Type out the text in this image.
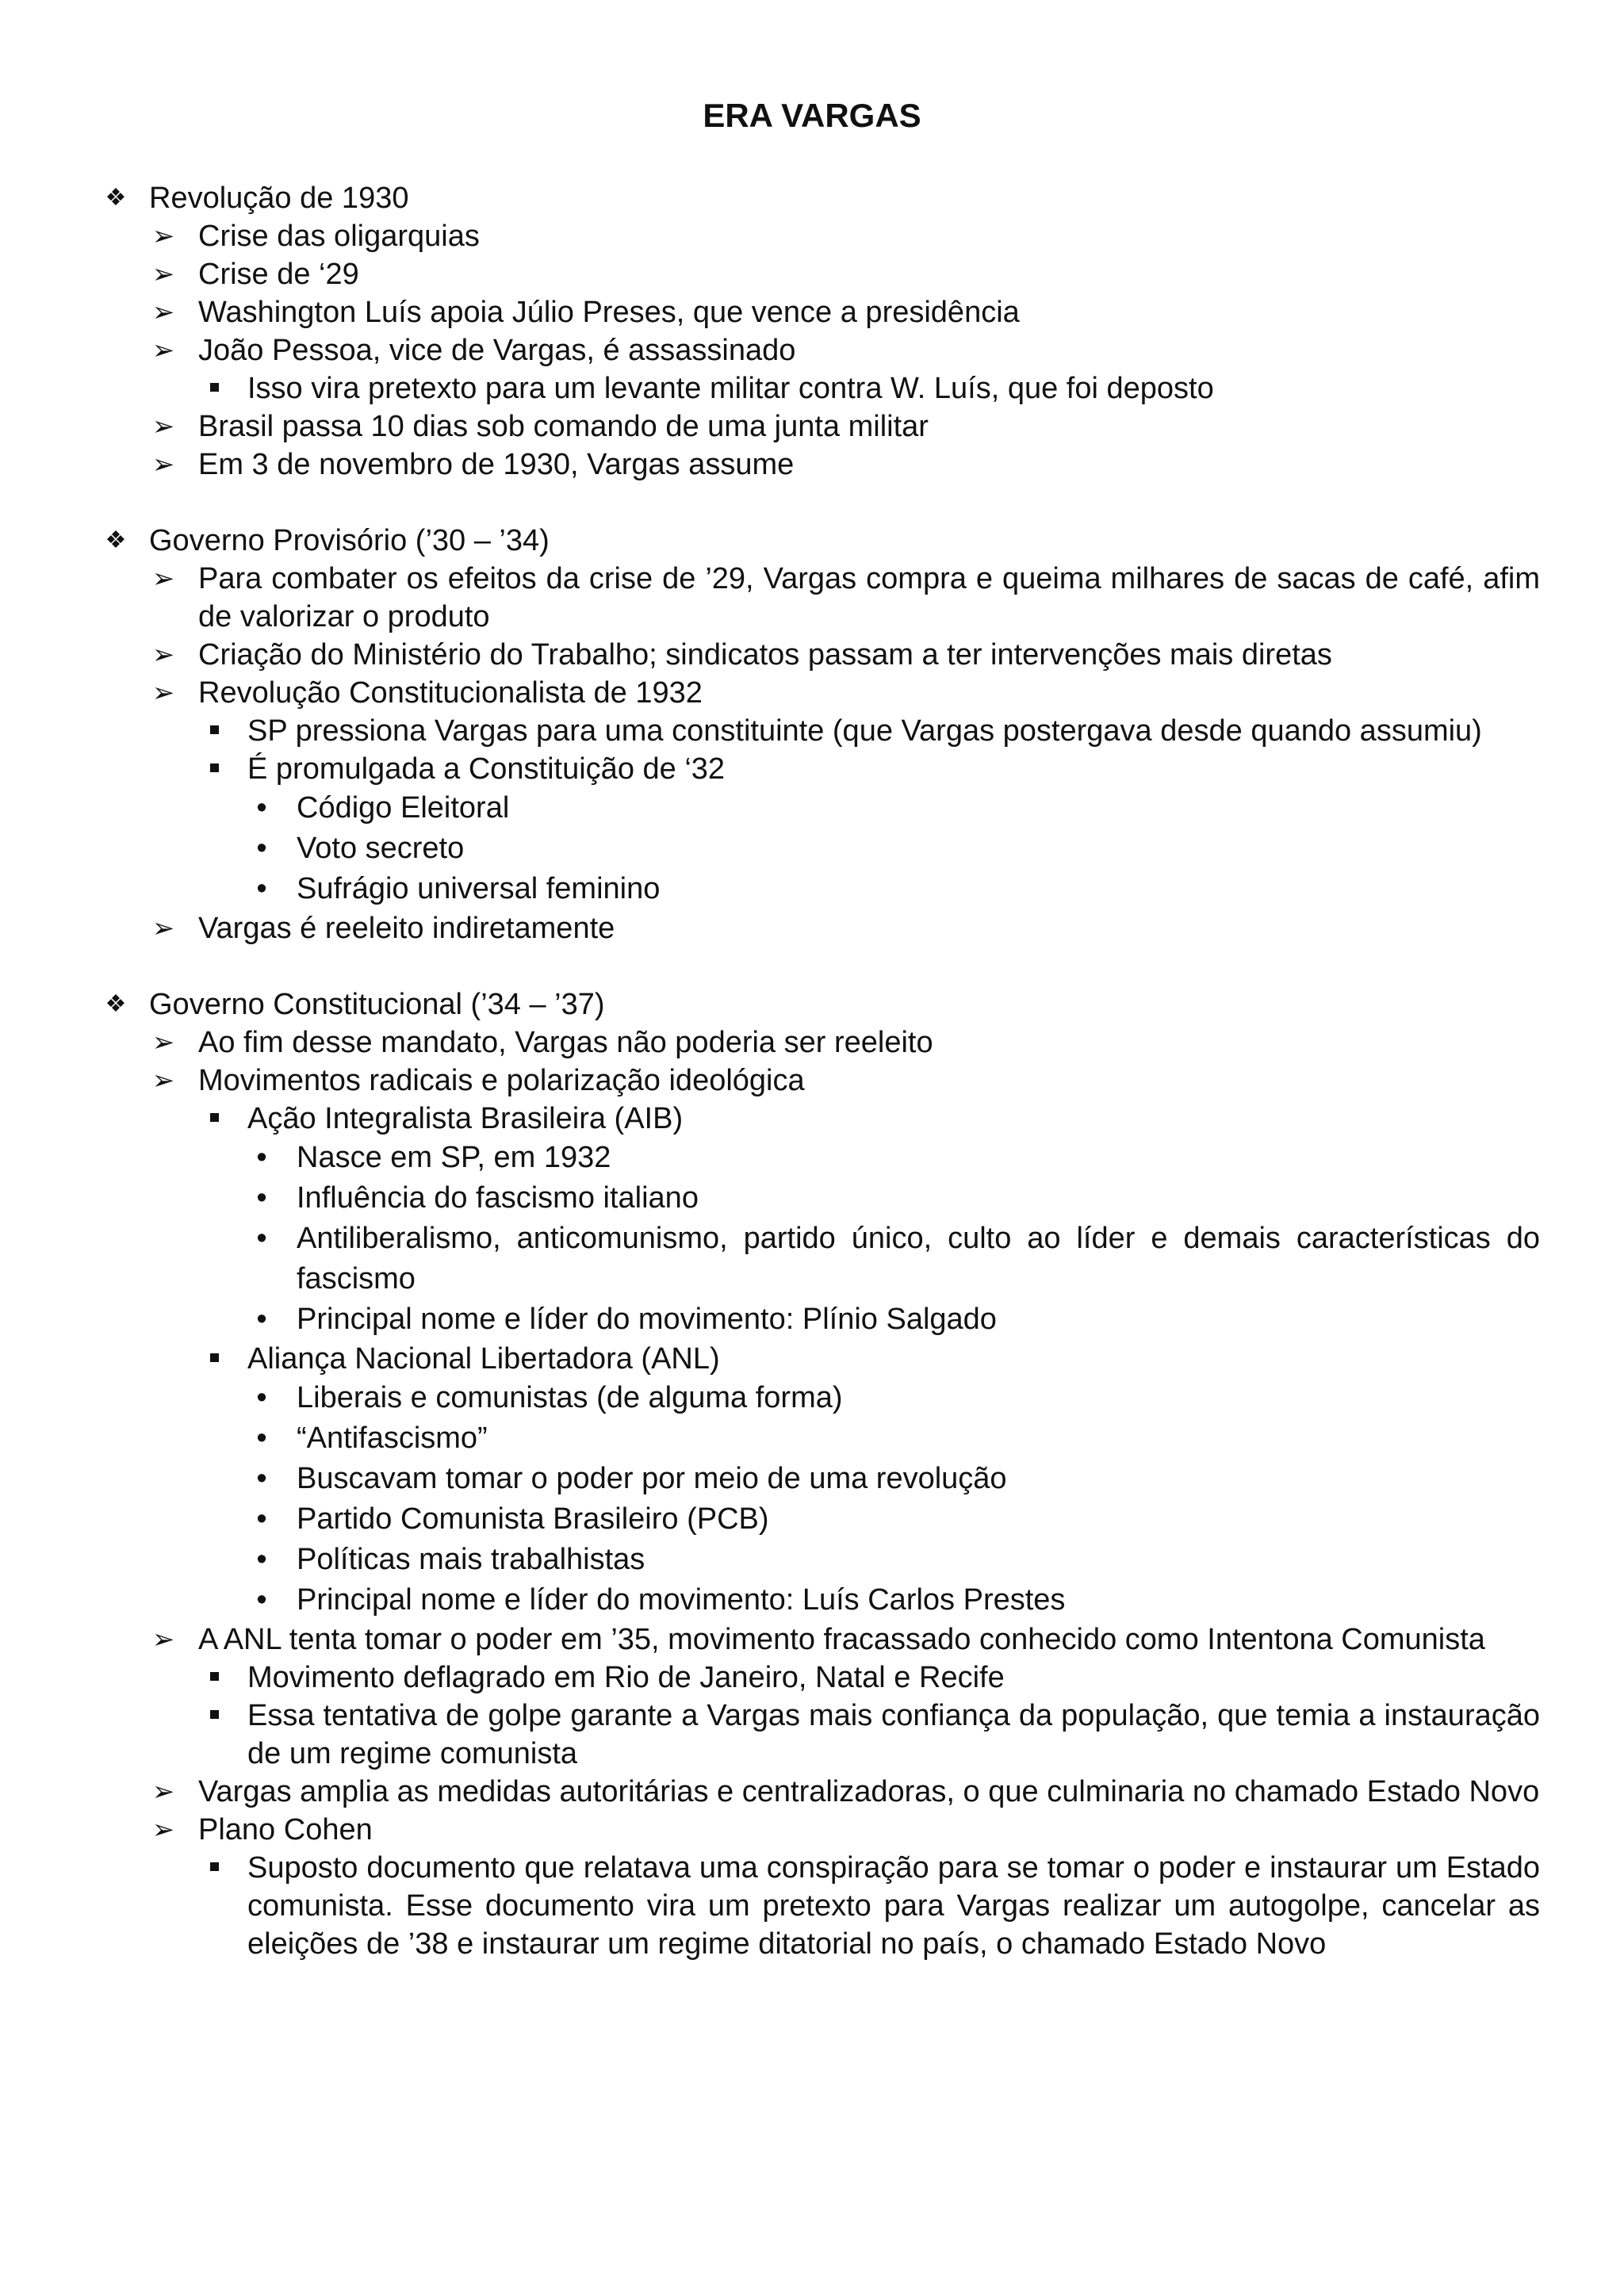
ERA VARGAS
❖ Revolução de 1930
➢ Crise das oligarquias
➢ Crise de ‘29
➢ Washington Luís apoia Júlio Preses, que vence a presidência
➢ João Pessoa, vice de Vargas, é assassinado
Isso vira pretexto para um levante militar contra W. Luís, que foi deposto
➢ Brasil passa 10 dias sob comando de uma junta militar
➢ Em 3 de novembro de 1930, Vargas assume
❖ Governo Provisório (’30 – ’34)
➢ Para combater os efeitos da crise de ’29, Vargas compra e queima milhares de sacas de café, afim de valorizar o produto
➢ Criação do Ministério do Trabalho; sindicatos passam a ter intervenções mais diretas
➢ Revolução Constitucionalista de 1932
SP pressiona Vargas para uma constituinte (que Vargas postergava desde quando assumiu)
É promulgada a Constituição de ‘32
• Código Eleitoral
• Voto secreto
• Sufrágio universal feminino
➢ Vargas é reeleito indiretamente
❖ Governo Constitucional (’34 – ’37)
➢ Ao fim desse mandato, Vargas não poderia ser reeleito
➢ Movimentos radicais e polarização ideológica
Ação Integralista Brasileira (AIB)
• Nasce em SP, em 1932
• Influência do fascismo italiano
• Antiliberalismo, anticomunismo, partido único, culto ao líder e demais características do fascismo
• Principal nome e líder do movimento: Plínio Salgado
Aliança Nacional Libertadora (ANL)
• Liberais e comunistas (de alguma forma)
• “Antifascismo”
• Buscavam tomar o poder por meio de uma revolução
• Partido Comunista Brasileiro (PCB)
• Políticas mais trabalhistas
• Principal nome e líder do movimento: Luís Carlos Prestes
➢ A ANL tenta tomar o poder em ’35, movimento fracassado conhecido como Intentona Comunista
Movimento deflagrado em Rio de Janeiro, Natal e Recife
Essa tentativa de golpe garante a Vargas mais confiança da população, que temia a instauração de um regime comunista
➢ Vargas amplia as medidas autoritárias e centralizadoras, o que culminaria no chamado Estado Novo
➢ Plano Cohen
Suposto documento que relatava uma conspiração para se tomar o poder e instaurar um Estado comunista. Esse documento vira um pretexto para Vargas realizar um autogolpe, cancelar as eleições de ’38 e instaurar um regime ditatorial no país, o chamado Estado Novo
